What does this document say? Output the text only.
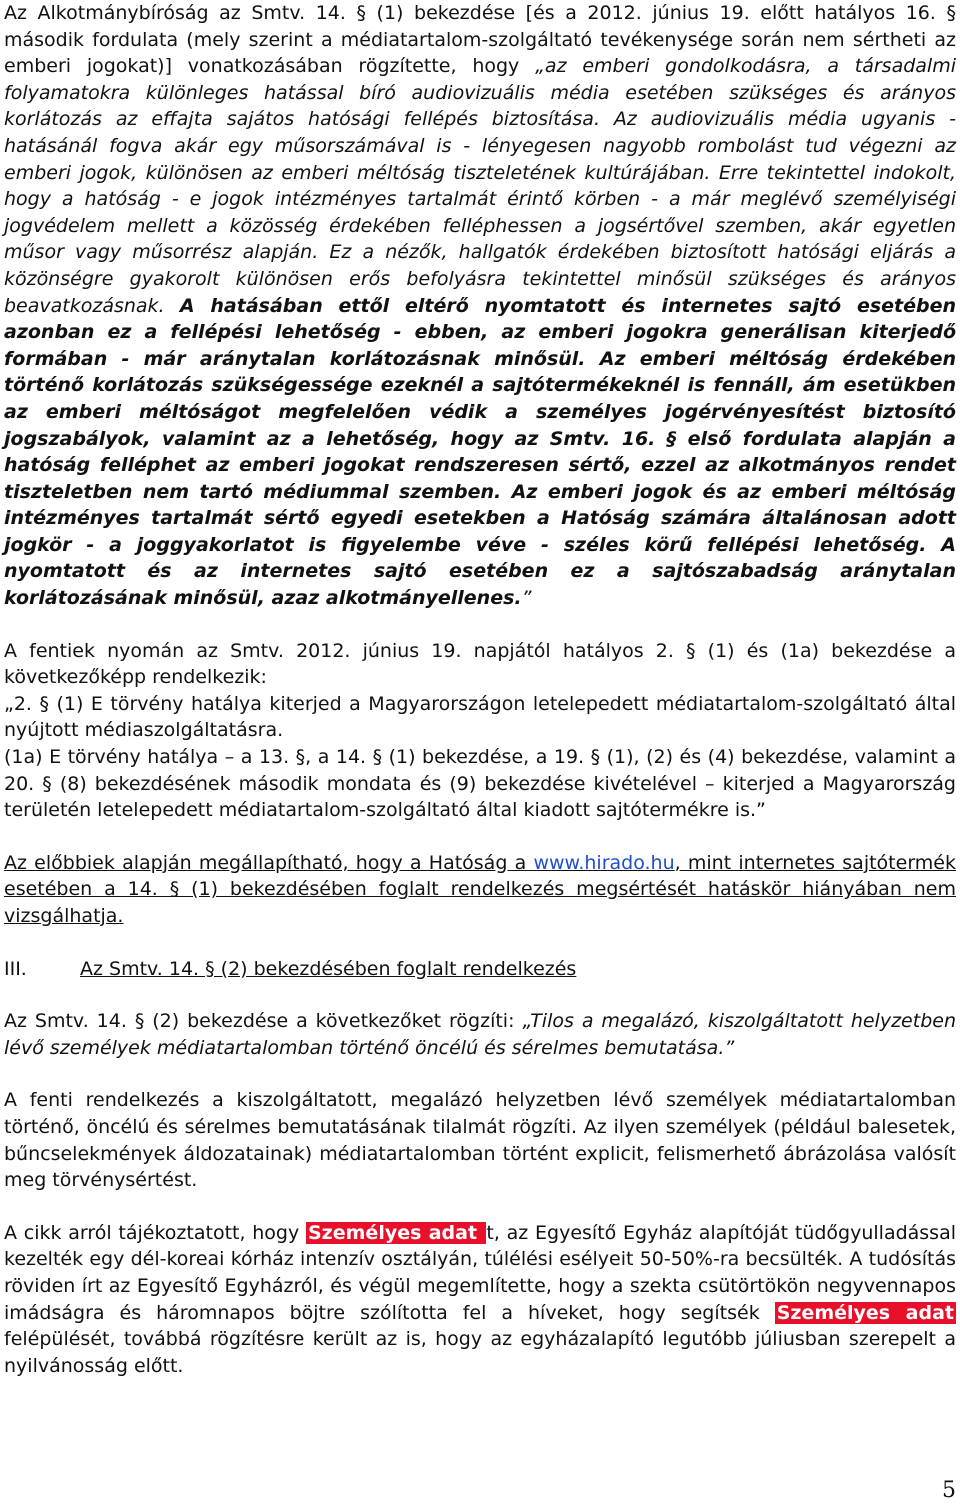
Az Alkotmánybíróság az Smtv. 14. § (1) bekezdése [és a 2012. június 19. előtt hatályos 16. § második fordulata (mely szerint a médiatartalom-szolgáltató tevékenysége során nem sértheti az emberi jogokat)] vonatkozásában rögzítette, hogy „az emberi gondolkodásra, a társadalmi folyamatokra különleges hatással bíró audiovizuális média esetében szükséges és arányos korlátozás az effajta sajátos hatósági fellépés biztosítása. Az audiovizuális média ugyanis - hatásánál fogva akár egy műsorszámával is - lényegesen nagyobb rombolást tud végezni az emberi jogok, különösen az emberi méltóság tiszteletének kultúrájában. Erre tekintettel indokolt, hogy a hatóság - e jogok intézményes tartalmát érintő körben - a már meglévő személyiségi jogvédelem mellett a közösség érdekében felléphessen a jogsértővel szemben, akár egyetlen műsor vagy műsorrész alapján. Ez a nézők, hallgatók érdekében biztosított hatósági eljárás a közönségre gyakorolt különösen erős befolyásra tekintettel minősül szükséges és arányos beavatkozásnak. A hatásában ettől eltérő nyomtatott és internetes sajtó esetében azonban ez a fellépési lehetőség - ebben, az emberi jogokra generálisan kiterjedő formában - már aránytalan korlátozásnak minősül. Az emberi méltóság érdekében történő korlátozás szükségessége ezeknél a sajtótermékeknél is fennáll, ám esetükben az emberi méltóságot megfelelően védik a személyes jogérvényesítést biztosító jogszabályok, valamint az a lehetőség, hogy az Smtv. 16. § első fordulata alapján a hatóság felléphet az emberi jogokat rendszeresen sértő, ezzel az alkotmányos rendet tiszteletben nem tartó médiummal szemben. Az emberi jogok és az emberi méltóság intézményes tartalmát sértő egyedi esetekben a Hatóság számára általánosan adott jogkör - a joggyakorlatot is figyelembe véve - széles körű fellépési lehetőség. A nyomtatott és az internetes sajtó esetében ez a sajtószabadság aránytalan korlátozásának minősül, azaz alkotmányellenes.”

A fentiek nyomán az Smtv. 2012. június 19. napjától hatályos 2. § (1) és (1a) bekezdése a következőképp rendelkezik:

„2. § (1) E törvény hatálya kiterjed a Magyarországon letelepedett médiatartalom-szolgáltató által nyújtott médiaszolgáltatásra.

(1a) E törvény hatálya – a 13. §, a 14. § (1) bekezdése, a 19. § (1), (2) és (4) bekezdése, valamint a 20. § (8) bekezdésének második mondata és (9) bekezdése kivételével – kiterjed a Magyarország területén letelepedett médiatartalom-szolgáltató által kiadott sajtótermékre is.”

Az előbbiek alapján megállapítható, hogy a Hatóság a www.hirado.hu, mint internetes sajtótermék esetében a 14. § (1) bekezdésében foglalt rendelkezés megsértését hatáskör hiányában nem vizsgálhatja.

III.	Az Smtv. 14. § (2) bekezdésében foglalt rendelkezés

Az Smtv. 14. § (2) bekezdése a következőket rögzíti: „Tilos a megalázó, kiszolgáltatott helyzetben lévő személyek médiatartalomban történő öncélú és sérelmes bemutatása.”

A fenti rendelkezés a kiszolgáltatott, megalázó helyzetben lévő személyek médiatartalomban történő, öncélú és sérelmes bemutatásának tilalmát rögzíti. Az ilyen személyek (például balesetek, bűncselekmények áldozatainak) médiatartalomban történt explicit, felismerhető ábrázolása valósít meg törvénysértést.

A cikk arról tájékoztatott, hogy Személyes adat t, az Egyesítő Egyház alapítóját tüdőgyulladással kezelték egy dél-koreai kórház intenzív osztályán, túlélési esélyeit 50-50%-ra becsülték. A tudósítás röviden írt az Egyesítő Egyházról, és végül megemlítette, hogy a szekta csütörtökön negyvennapos imádságra és háromnapos böjtre szólította fel a híveket, hogy segítsék Személyes adat felépülését, továbbá rögzítésre került az is, hogy az egyházalapító legutóbb júliusban szerepelt a nyilvánosság előtt.

5
